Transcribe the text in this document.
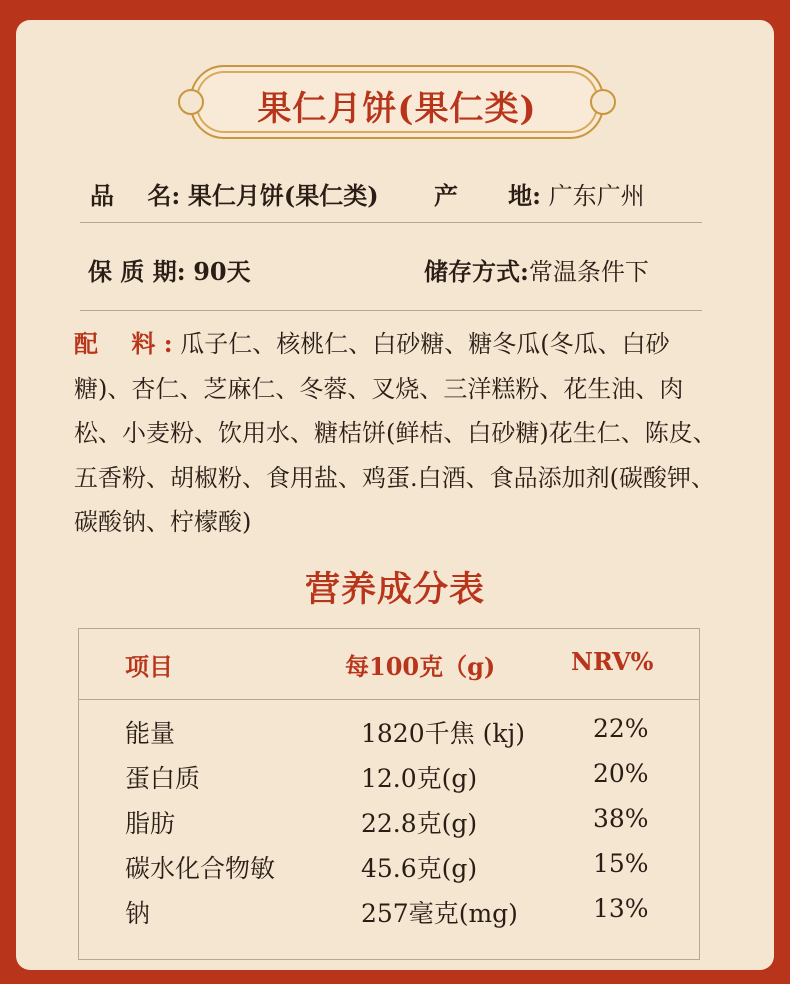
果仁月饼(果仁类)
品    名: 果仁月饼(果仁类) 产      地: 广东广州
保 质 期: 90天	储存方式:常温条件下
配    料 : 瓜子仁、核桃仁、白砂糖、糖冬瓜(冬瓜、白砂糖)、杏仁、芝麻仁、冬蓉、叉烧、三洋糕粉、花生油、肉松、小麦粉、饮用水、糖桔饼(鲜桔、白砂糖)花生仁、陈皮、五香粉、胡椒粉、食用盐、鸡蛋.白酒、食品添加剂(碳酸钾、碳酸钠、柠檬酸)
营养成分表
项目	每100克（g)	NRV%
能量	1820千焦 (kj)	22%
蛋白质	12.0克(g)	20%
脂肪	22.8克(g)	38%
碳水化合物敏	45.6克(g)	15%
钠	257毫克(mg)	13%
